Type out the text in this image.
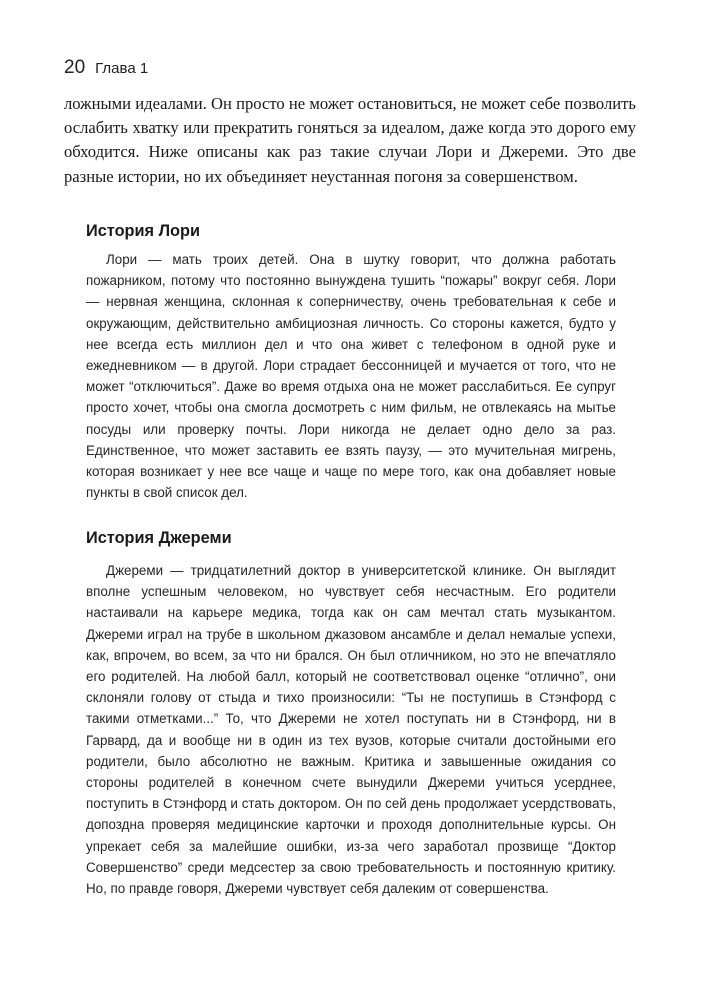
20 Глава 1

ложными идеалами. Он просто не может остановиться, не может себе позволить ослабить хватку или прекратить гоняться за идеалом, даже когда это дорого ему обходится. Ниже описаны как раз такие случаи Лори и Джереми. Это две разные истории, но их объединяет неустанная погоня за совершенством.

История Лори

Лори — мать троих детей. Она в шутку говорит, что должна работать пожарником, потому что постоянно вынуждена тушить “пожары” вокруг себя. Лори — нервная женщина, склонная к соперничеству, очень требовательная к себе и окружающим, действительно амбициозная личность. Со стороны кажется, будто у нее всегда есть миллион дел и что она живет с телефоном в одной руке и ежедневником — в другой. Лори страдает бессонницей и мучается от того, что не может “отключиться”. Даже во время отдыха она не может расслабиться. Ее супруг просто хочет, чтобы она смогла досмотреть с ним фильм, не отвлекаясь на мытье посуды или проверку почты. Лори никогда не делает одно дело за раз. Единственное, что может заставить ее взять паузу, — это мучительная мигрень, которая возникает у нее все чаще и чаще по мере того, как она добавляет новые пункты в свой список дел.

История Джереми

Джереми — тридцатилетний доктор в университетской клинике. Он выглядит вполне успешным человеком, но чувствует себя несчастным. Его родители настаивали на карьере медика, тогда как он сам мечтал стать музыкантом. Джереми играл на трубе в школьном джазовом ансамбле и делал немалые успехи, как, впрочем, во всем, за что ни брался. Он был отличником, но это не впечатляло его родителей. На любой балл, который не соответствовал оценке “отлично”, они склоняли голову от стыда и тихо произносили: “Ты не поступишь в Стэнфорд с такими отметками...” То, что Джереми не хотел поступать ни в Стэнфорд, ни в Гарвард, да и вообще ни в один из тех вузов, которые считали достойными его родители, было абсолютно не важным. Критика и завышенные ожидания со стороны родителей в конечном счете вынудили Джереми учиться усерднее, поступить в Стэнфорд и стать доктором. Он по сей день продолжает усердствовать, допоздна проверяя медицинские карточки и проходя дополнительные курсы. Он упрекает себя за малейшие ошибки, из-за чего заработал прозвище “Доктор Совершенство” среди медсестер за свою требовательность и постоянную критику. Но, по правде говоря, Джереми чувствует себя далеким от совершенства.
